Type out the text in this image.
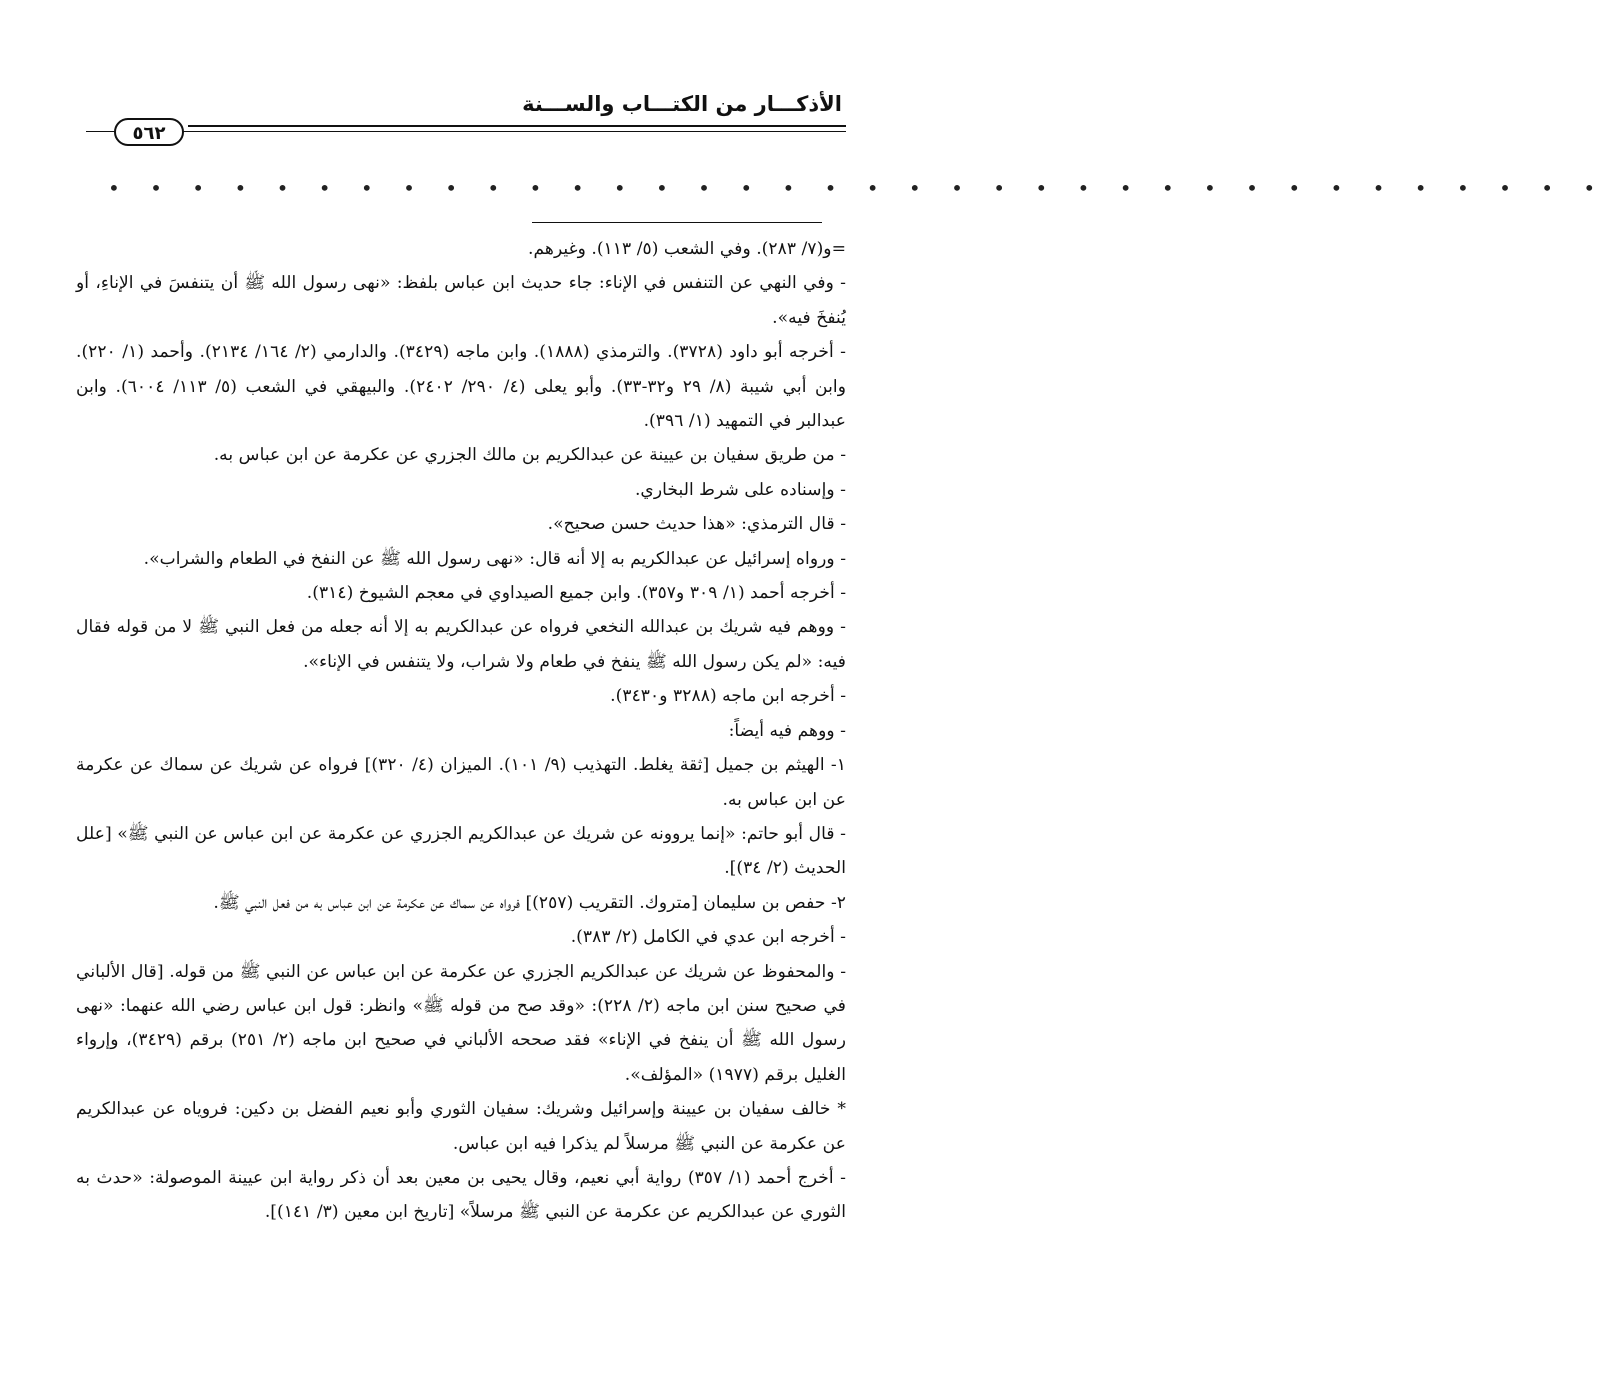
الأذكـــار من الكتـــاب والســـنة
٥٦٢
• • • • • • • • • • • • • • • • • • • • • • • • • • • • • • • • • • • •

=و(٧/ ٢٨٣). وفي الشعب (٥/ ١١٣). وغيرهم.

- وفي النهي عن التنفس في الإناء: جاء حديث ابن عباس بلفظ: «نهى رسول الله ﷺ أن يتنفسَ في الإناءِ، أو يُنفخَ فيه».

- أخرجه أبو داود (٣٧٢٨). والترمذي (١٨٨٨). وابن ماجه (٣٤٢٩). والدارمي (٢/ ١٦٤/ ٢١٣٤). وأحمد (١/ ٢٢٠). وابن أبي شيبة (٨/ ٢٩ و٣٢-٣٣). وأبو يعلى (٤/ ٢٩٠/ ٢٤٠٢). والبيهقي في الشعب (٥/ ١١٣/ ٦٠٠٤). وابن عبدالبر في التمهيد (١/ ٣٩٦).

- من طريق سفيان بن عيينة عن عبدالكريم بن مالك الجزري عن عكرمة عن ابن عباس به.

- وإسناده على شرط البخاري.

- قال الترمذي: «هذا حديث حسن صحيح».

- ورواه إسرائيل عن عبدالكريم به إلا أنه قال: «نهى رسول الله ﷺ عن النفخ في الطعام والشراب».

- أخرجه أحمد (١/ ٣٠٩ و٣٥٧). وابن جميع الصيداوي في معجم الشيوخ (٣١٤).

- ووهم فيه شريك بن عبدالله النخعي فرواه عن عبدالكريم به إلا أنه جعله من فعل النبي ﷺ لا من قوله فقال فيه: «لم يكن رسول الله ﷺ ينفخ في طعام ولا شراب، ولا يتنفس في الإناء».

- أخرجه ابن ماجه (٣٢٨٨ و٣٤٣٠).

- ووهم فيه أيضاً:

١- الهيثم بن جميل [ثقة يغلط. التهذيب (٩/ ١٠١). الميزان (٤/ ٣٢٠)] فرواه عن شريك عن سماك عن عكرمة عن ابن عباس به.

- قال أبو حاتم: «إنما يروونه عن شريك عن عبدالكريم الجزري عن عكرمة عن ابن عباس عن النبي ﷺ» [علل الحديث (٢/ ٣٤)].

٢- حفص بن سليمان [متروك. التقريب (٢٥٧)] فرواه عن سماك عن عكرمة عن ابن عباس به من فعل النبي ﷺ.

- أخرجه ابن عدي في الكامل (٢/ ٣٨٣).

- والمحفوظ عن شريك عن عبدالكريم الجزري عن عكرمة عن ابن عباس عن النبي ﷺ من قوله. [قال الألباني في صحيح سنن ابن ماجه (٢/ ٢٢٨): «وقد صح من قوله ﷺ» وانظر: قول ابن عباس رضي الله عنهما: «نهى رسول الله ﷺ أن ينفخ في الإناء» فقد صححه الألباني في صحيح ابن ماجه (٢/ ٢٥١) برقم (٣٤٢٩)، وإرواء الغليل برقم (١٩٧٧) «المؤلف».

* خالف سفيان بن عيينة وإسرائيل وشريك: سفيان الثوري وأبو نعيم الفضل بن دكين: فروياه عن عبدالكريم عن عكرمة عن النبي ﷺ مرسلاً لم يذكرا فيه ابن عباس.

- أخرج أحمد (١/ ٣٥٧) رواية أبي نعيم، وقال يحيى بن معين بعد أن ذكر رواية ابن عيينة الموصولة: «حدث به الثوري عن عبدالكريم عن عكرمة عن النبي ﷺ مرسلاً» [تاريخ ابن معين (٣/ ١٤١)].
